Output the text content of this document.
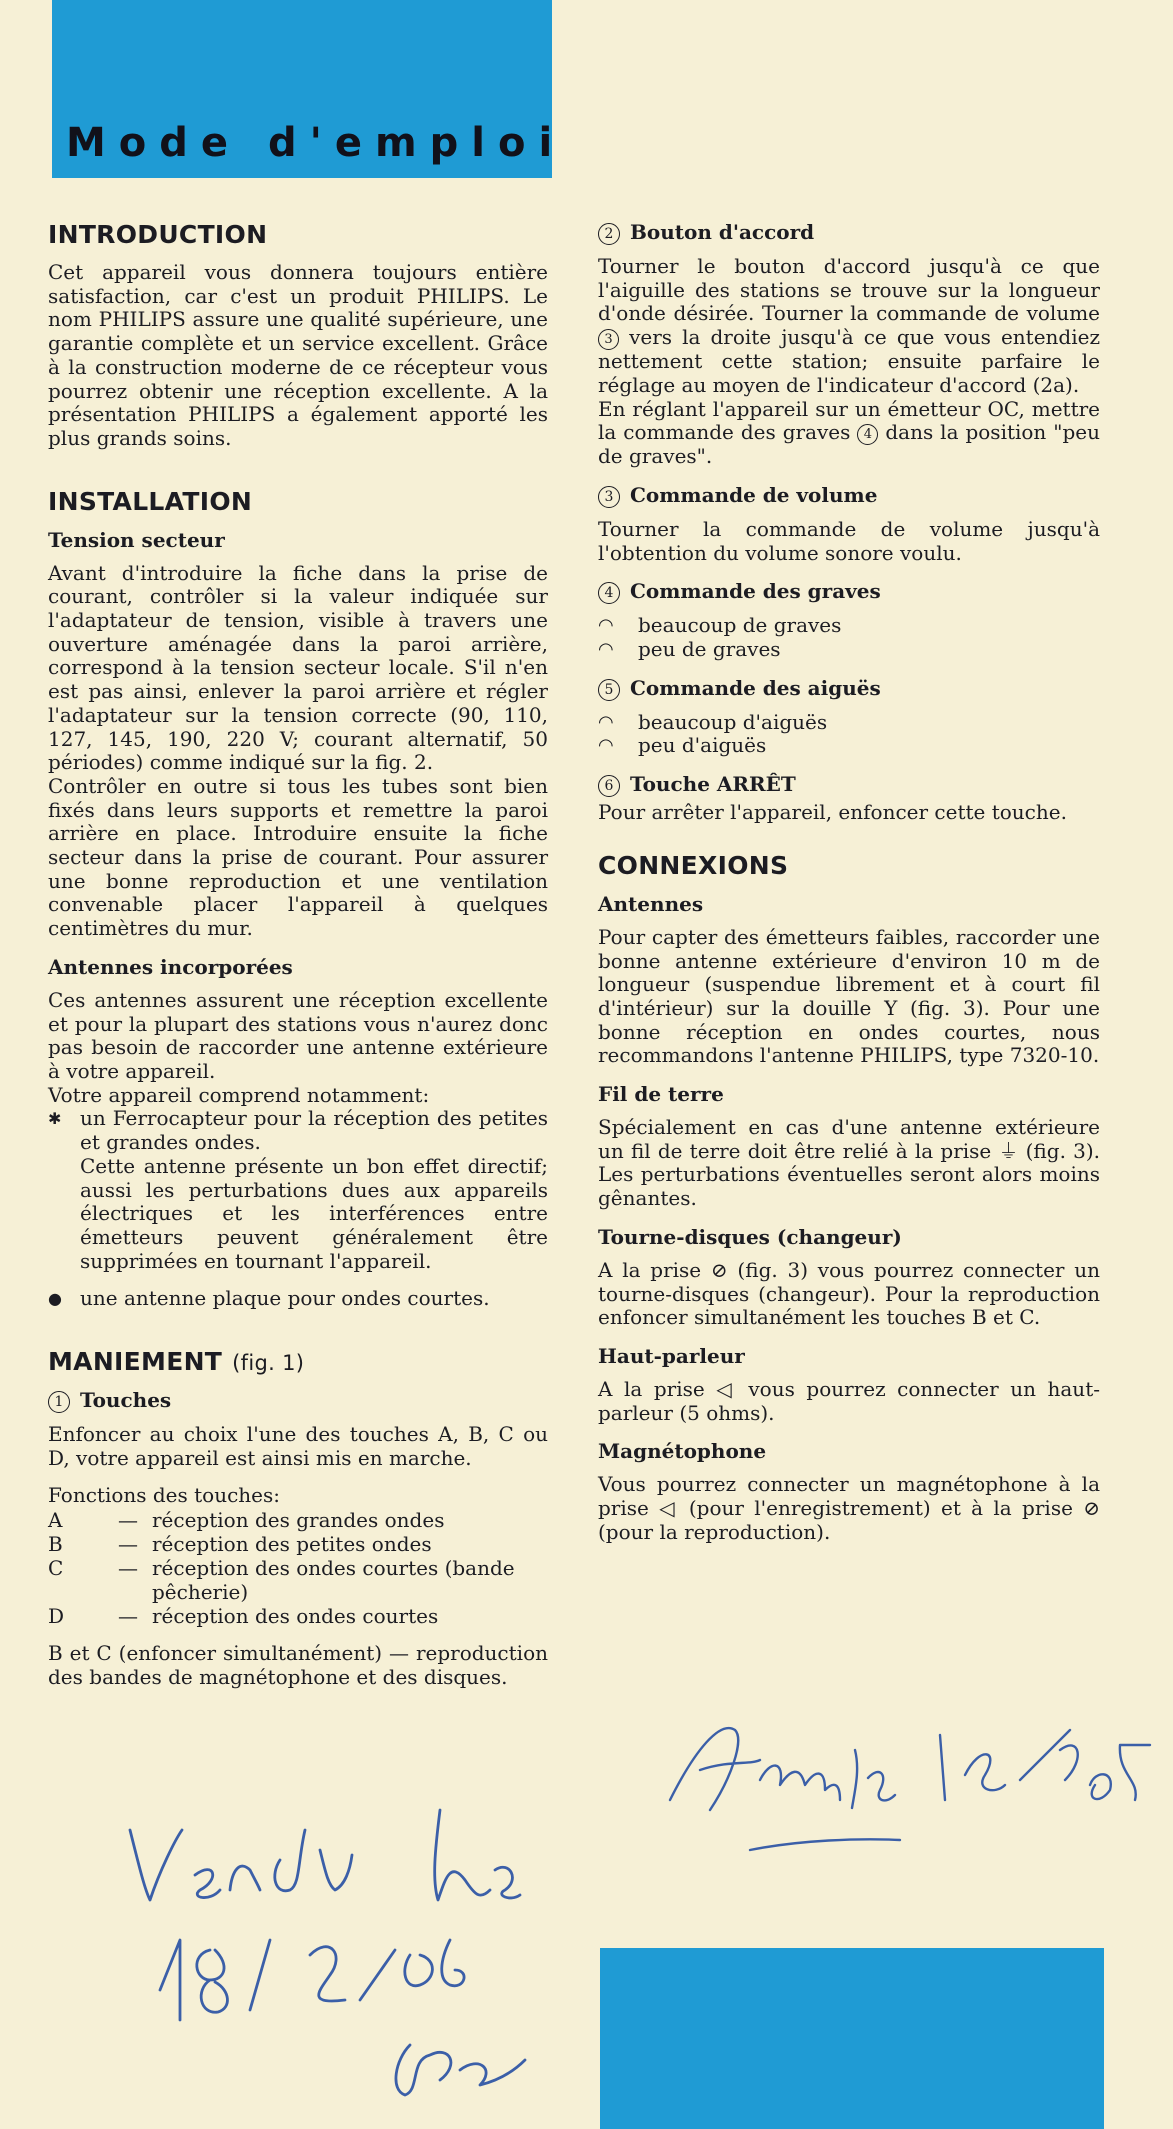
Mode d'emploi
INTRODUCTION

Cet appareil vous donnera toujours entière satisfaction, car c'est un produit PHILIPS. Le nom PHILIPS assure une qualité supérieure, une garantie complète et un service excellent. Grâce à la construction moderne de ce récepteur vous pourrez obtenir une réception excellente. A la présentation PHILIPS a également apporté les plus grands soins.

INSTALLATION
Tension secteur

Avant d'introduire la fiche dans la prise de courant, contrôler si la valeur indiquée sur l'adaptateur de tension, visible à travers une ouverture aménagée dans la paroi arrière, correspond à la tension secteur locale. S'il n'en est pas ainsi, enlever la paroi arrière et régler l'adaptateur sur la tension correcte (90, 110, 127, 145, 190, 220 V; courant alternatif, 50 périodes) comme indiqué sur la fig. 2.

Contrôler en outre si tous les tubes sont bien fixés dans leurs supports et remettre la paroi arrière en place. Introduire ensuite la fiche secteur dans la prise de courant. Pour assurer une bonne reproduction et une ventilation convenable placer l'appareil à quelques centimètres du mur.

Antennes incorporées

Ces antennes assurent une réception excellente et pour la plupart des stations vous n'aurez donc pas besoin de raccorder une antenne extérieure à votre appareil.

Votre appareil comprend notamment:

✱ un Ferrocapteur pour la réception des petites et grandes ondes.
Cette antenne présente un bon effet directif; aussi les perturbations dues aux appareils électriques et les interférences entre émetteurs peuvent généralement être supprimées en tournant l'appareil.
● une antenne plaque pour ondes courtes.
MANIEMENT (fig. 1)
1 Touches

Enfoncer au choix l'une des touches A, B, C ou D, votre appareil est ainsi mis en marche.

Fonctions des touches:

A	— réception des grandes ondes
B	— réception des petites ondes
C	— réception des ondes courtes (bande pêcherie)
D	— réception des ondes courtes

B et C (enfoncer simultanément) — reproduction des bandes de magnétophone et des disques.

2 Bouton d'accord

Tourner le bouton d'accord jusqu'à ce que l'aiguille des stations se trouve sur la longueur d'onde désirée. Tourner la commande de volume 3 vers la droite jusqu'à ce que vous entendiez nettement cette station; ensuite parfaire le réglage au moyen de l'indicateur d'accord (2a).

En réglant l'appareil sur un émetteur OC, mettre la commande des graves 4 dans la position "peu de graves".

3 Commande de volume

Tourner la commande de volume jusqu'à l'obtention du volume sonore voulu.

4 Commande des graves
◠	beaucoup de graves
◠	peu de graves
5 Commande des aiguës
◠	beaucoup d'aiguës
◠	peu d'aiguës
6 Touche ARRÊT

Pour arrêter l'appareil, enfoncer cette touche.

CONNEXIONS
Antennes

Pour capter des émetteurs faibles, raccorder une bonne antenne extérieure d'environ 10 m de longueur (suspendue librement et à court fil d'intérieur) sur la douille Y (fig. 3). Pour une bonne réception en ondes courtes, nous recommandons l'antenne PHILIPS, type 7320-10.

Fil de terre

Spécialement en cas d'une antenne extérieure un fil de terre doit être relié à la prise ⏚ (fig. 3). Les perturbations éventuelles seront alors moins gênantes.

Tourne-disques (changeur)

A la prise ⊘ (fig. 3) vous pourrez connecter un tourne-disques (changeur). Pour la reproduction enfoncer simultanément les touches B et C.

Haut-parleur

A la prise ◁ vous pourrez connecter un haut-parleur (5 ohms).

Magnétophone

Vous pourrez connecter un magnétophone à la prise ◁ (pour l'enregistrement) et à la prise ⊘ (pour la reproduction).
